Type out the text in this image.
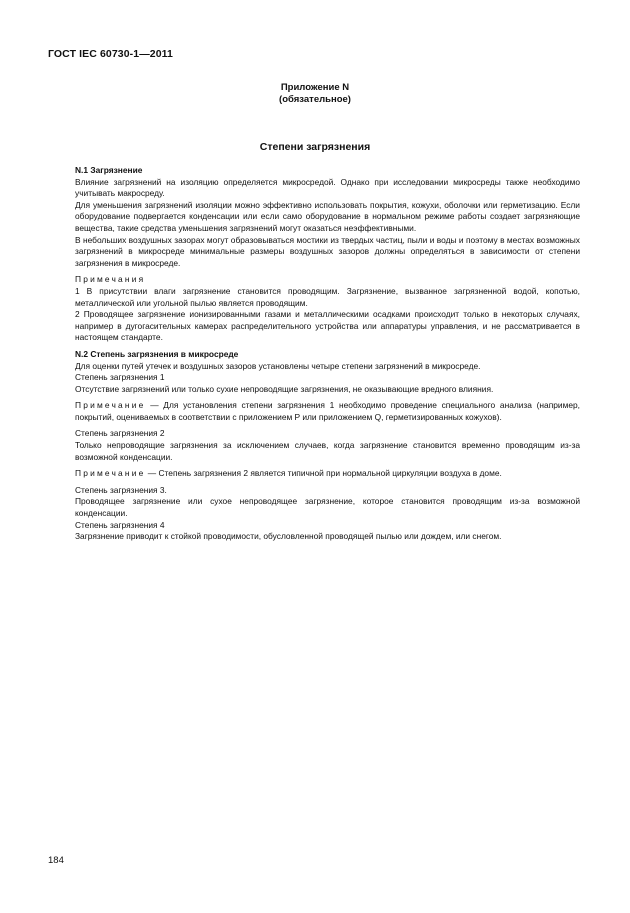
ГОСТ IEC 60730-1—2011
Приложение N
(обязательное)
Степени загрязнения

N.1 Загрязнение

Влияние загрязнений на изоляцию определяется микросредой. Однако при исследовании микросреды также необходимо учитывать макросреду.

Для уменьшения загрязнений изоляции можно эффективно использовать покрытия, кожухи, оболочки или герметизацию. Если оборудование подвергается конденсации или если само оборудование в нормальном режиме работы создает загрязняющие вещества, такие средства уменьшения загрязнений могут оказаться неэффективными.

В небольших воздушных зазорах могут образовываться мостики из твердых частиц, пыли и воды и поэтому в местах возможных загрязнений в микросреде минимальные размеры воздушных зазоров должны определяться в зависимости от степени загрязнения в микросреде.

Примечания

1 В присутствии влаги загрязнение становится проводящим. Загрязнение, вызванное загрязненной водой, копотью, металлической или угольной пылью является проводящим.

2 Проводящее загрязнение ионизированными газами и металлическими осадками происходит только в некоторых случаях, например в дугогасительных камерах распределительного устройства или аппаратуры управления, и не рассматривается в настоящем стандарте.

N.2 Степень загрязнения в микросреде

Для оценки путей утечек и воздушных зазоров установлены четыре степени загрязнений в микросреде.

Степень загрязнения 1

Отсутствие загрязнений или только сухие непроводящие загрязнения, не оказывающие вредного влияния.

Примечание — Для установления степени загрязнения 1 необходимо проведение специального анализа (например, покрытий, оцениваемых в соответствии с приложением P или приложением Q, герметизированных кожухов).

Степень загрязнения 2

Только непроводящие загрязнения за исключением случаев, когда загрязнение становится временно проводящим из-за возможной конденсации.

Примечание — Степень загрязнения 2 является типичной при нормальной циркуляции воздуха в доме.

Степень загрязнения 3.

Проводящее загрязнение или сухое непроводящее загрязнение, которое становится проводящим из-за возможной конденсации.

Степень загрязнения 4

Загрязнение приводит к стойкой проводимости, обусловленной проводящей пылью или дождем, или снегом.

184
